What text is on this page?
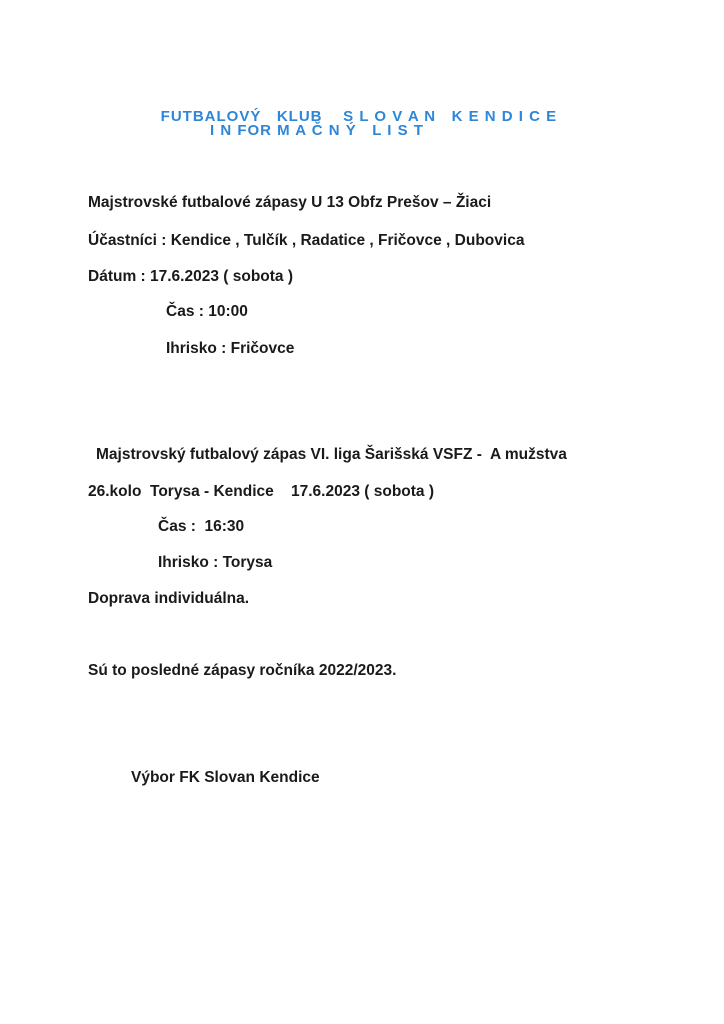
FUTBALOVÝ   KLUB S L O V A N   K E N D I C E

I N FOR M A Č N Ý   L I S T
Majstrovské futbalové zápasy U 13 Obfz Prešov – Žiaci
Účastníci : Kendice , Tulčík , Radatice , Fričovce , Dubovica
Dátum : 17.6.2023 ( sobota )
Čas : 10:00
Ihrisko : Fričovce
Majstrovský futbalový zápas VI. liga Šarišská VSFZ -  A mužstva
26.kolo  Torysa - Kendice    17.6.2023 ( sobota )
Čas :  16:30
Ihrisko : Torysa
Doprava individuálna.
Sú to posledné zápasy ročníka 2022/2023.
Výbor FK Slovan Kendice
